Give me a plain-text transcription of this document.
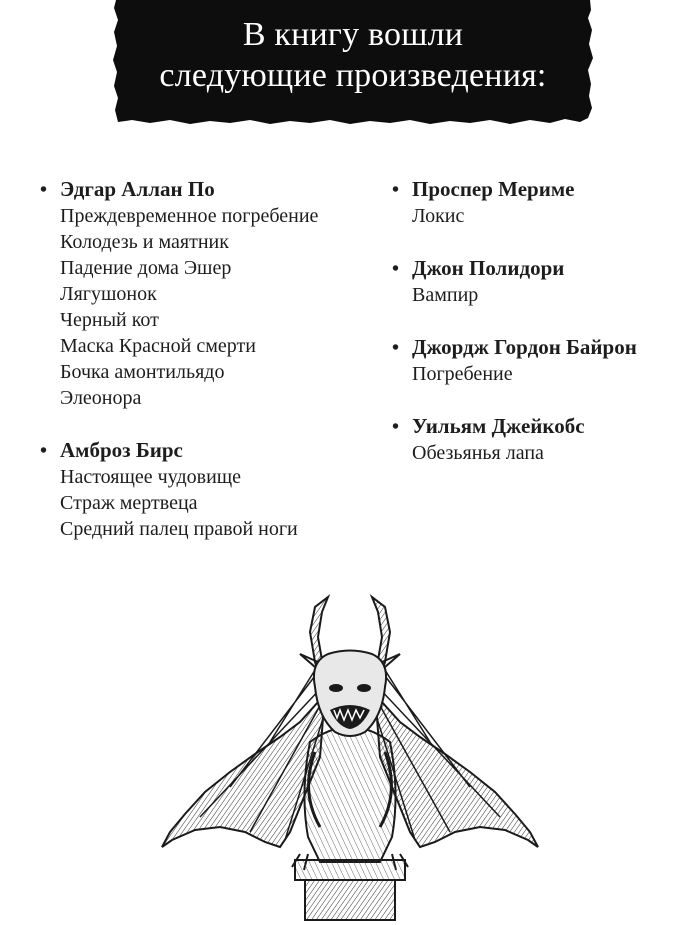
В книгу вошли
следующие произведения:
• Эдгар Аллан По
Преждевременное погребение
Колодезь и маятник
Падение дома Эшер
Лягушонок
Черный кот
Маска Красной смерти
Бочка амонтильядо
Элеонора
• Амброз Бирс
Настоящее чудовище
Страж мертвеца
Средний палец правой ноги
• Проспер Мериме
Локис
• Джон Полидори
Вампир
• Джордж Гордон Байрон
Погребение
• Уильям Джейкобс
Обезьянья лапа
